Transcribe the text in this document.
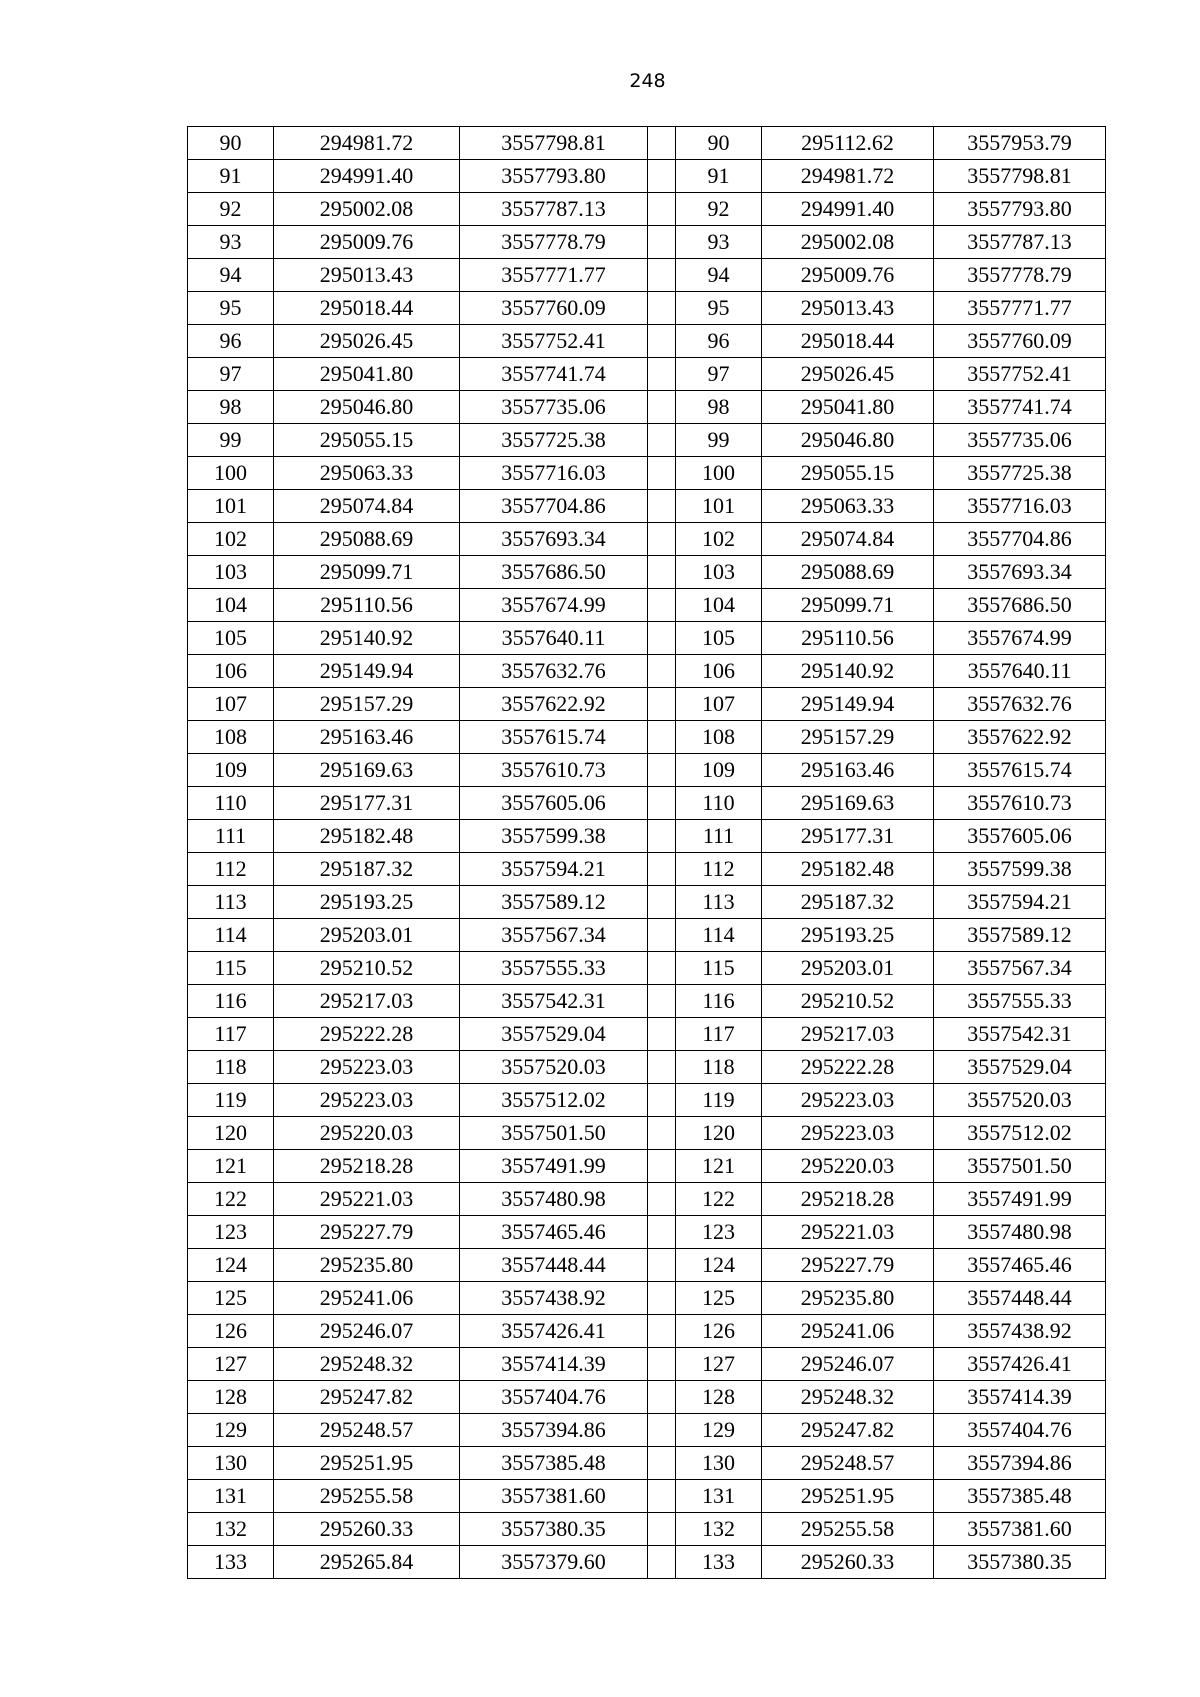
248
90	294981.72	3557798.81		90	295112.62	3557953.79
91	294991.40	3557793.80		91	294981.72	3557798.81
92	295002.08	3557787.13		92	294991.40	3557793.80
93	295009.76	3557778.79		93	295002.08	3557787.13
94	295013.43	3557771.77		94	295009.76	3557778.79
95	295018.44	3557760.09		95	295013.43	3557771.77
96	295026.45	3557752.41		96	295018.44	3557760.09
97	295041.80	3557741.74		97	295026.45	3557752.41
98	295046.80	3557735.06		98	295041.80	3557741.74
99	295055.15	3557725.38		99	295046.80	3557735.06
100	295063.33	3557716.03		100	295055.15	3557725.38
101	295074.84	3557704.86		101	295063.33	3557716.03
102	295088.69	3557693.34		102	295074.84	3557704.86
103	295099.71	3557686.50		103	295088.69	3557693.34
104	295110.56	3557674.99		104	295099.71	3557686.50
105	295140.92	3557640.11		105	295110.56	3557674.99
106	295149.94	3557632.76		106	295140.92	3557640.11
107	295157.29	3557622.92		107	295149.94	3557632.76
108	295163.46	3557615.74		108	295157.29	3557622.92
109	295169.63	3557610.73		109	295163.46	3557615.74
110	295177.31	3557605.06		110	295169.63	3557610.73
111	295182.48	3557599.38		111	295177.31	3557605.06
112	295187.32	3557594.21		112	295182.48	3557599.38
113	295193.25	3557589.12		113	295187.32	3557594.21
114	295203.01	3557567.34		114	295193.25	3557589.12
115	295210.52	3557555.33		115	295203.01	3557567.34
116	295217.03	3557542.31		116	295210.52	3557555.33
117	295222.28	3557529.04		117	295217.03	3557542.31
118	295223.03	3557520.03		118	295222.28	3557529.04
119	295223.03	3557512.02		119	295223.03	3557520.03
120	295220.03	3557501.50		120	295223.03	3557512.02
121	295218.28	3557491.99		121	295220.03	3557501.50
122	295221.03	3557480.98		122	295218.28	3557491.99
123	295227.79	3557465.46		123	295221.03	3557480.98
124	295235.80	3557448.44		124	295227.79	3557465.46
125	295241.06	3557438.92		125	295235.80	3557448.44
126	295246.07	3557426.41		126	295241.06	3557438.92
127	295248.32	3557414.39		127	295246.07	3557426.41
128	295247.82	3557404.76		128	295248.32	3557414.39
129	295248.57	3557394.86		129	295247.82	3557404.76
130	295251.95	3557385.48		130	295248.57	3557394.86
131	295255.58	3557381.60		131	295251.95	3557385.48
132	295260.33	3557380.35		132	295255.58	3557381.60
133	295265.84	3557379.60		133	295260.33	3557380.35
